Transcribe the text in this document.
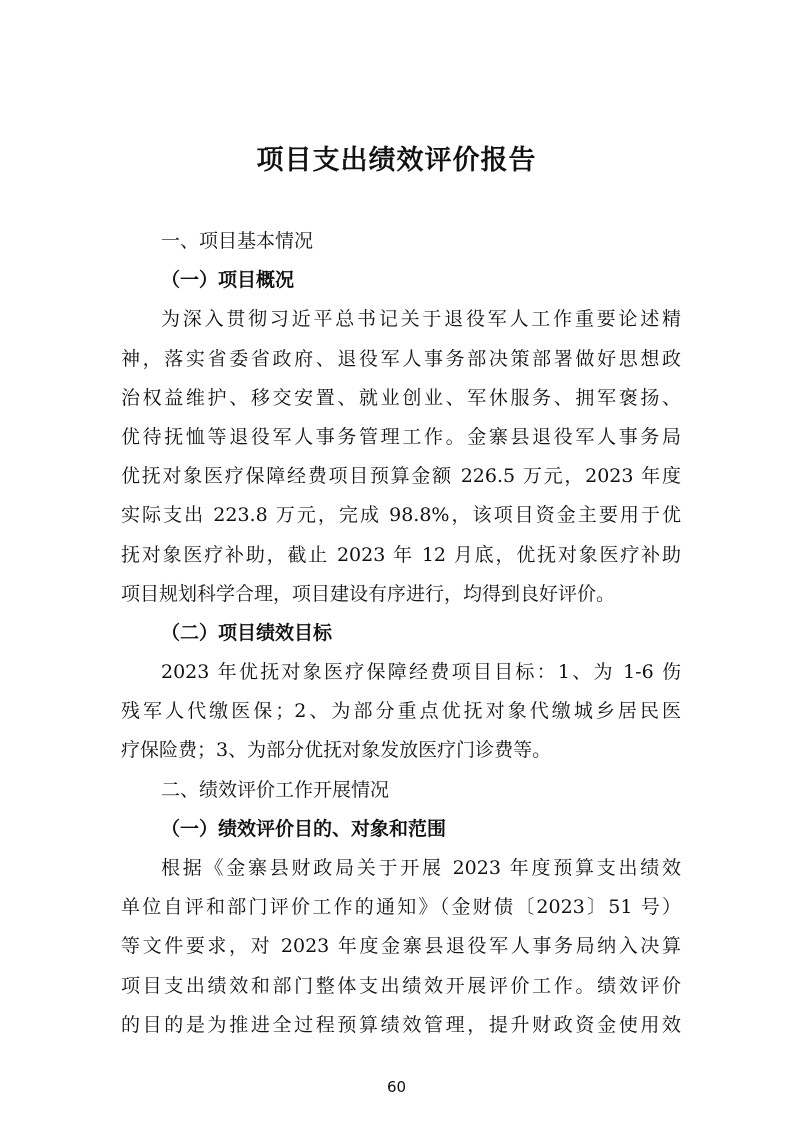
项目支出绩效评价报告
一、项目基本情况
（一）项目概况
为深入贯彻习近平总书记关于退役军人工作重要论述精
神，落实省委省政府、退役军人事务部决策部署做好思想政
治权益维护、移交安置、就业创业、军休服务、拥军褒扬、
优待抚恤等退役军人事务管理工作。金寨县退役军人事务局
优抚对象医疗保障经费项目预算金额 226.5 万元，2023 年度
实际支出 223.8 万元，完成 98.8%，该项目资金主要用于优
抚对象医疗补助，截止 2023 年 12 月底，优抚对象医疗补助
项目规划科学合理，项目建设有序进行，均得到良好评价。
（二）项目绩效目标
2023 年优抚对象医疗保障经费项目目标：1、为 1-6 伤
残军人代缴医保；2、为部分重点优抚对象代缴城乡居民医
疗保险费；3、为部分优抚对象发放医疗门诊费等。
二、绩效评价工作开展情况
（一）绩效评价目的、对象和范围
根据《金寨县财政局关于开展 2023 年度预算支出绩效
单位自评和部门评价工作的通知》（金财债〔2023〕51 号）
等文件要求，对 2023 年度金寨县退役军人事务局纳入决算
项目支出绩效和部门整体支出绩效开展评价工作。绩效评价
的目的是为推进全过程预算绩效管理，提升财政资金使用效
60
